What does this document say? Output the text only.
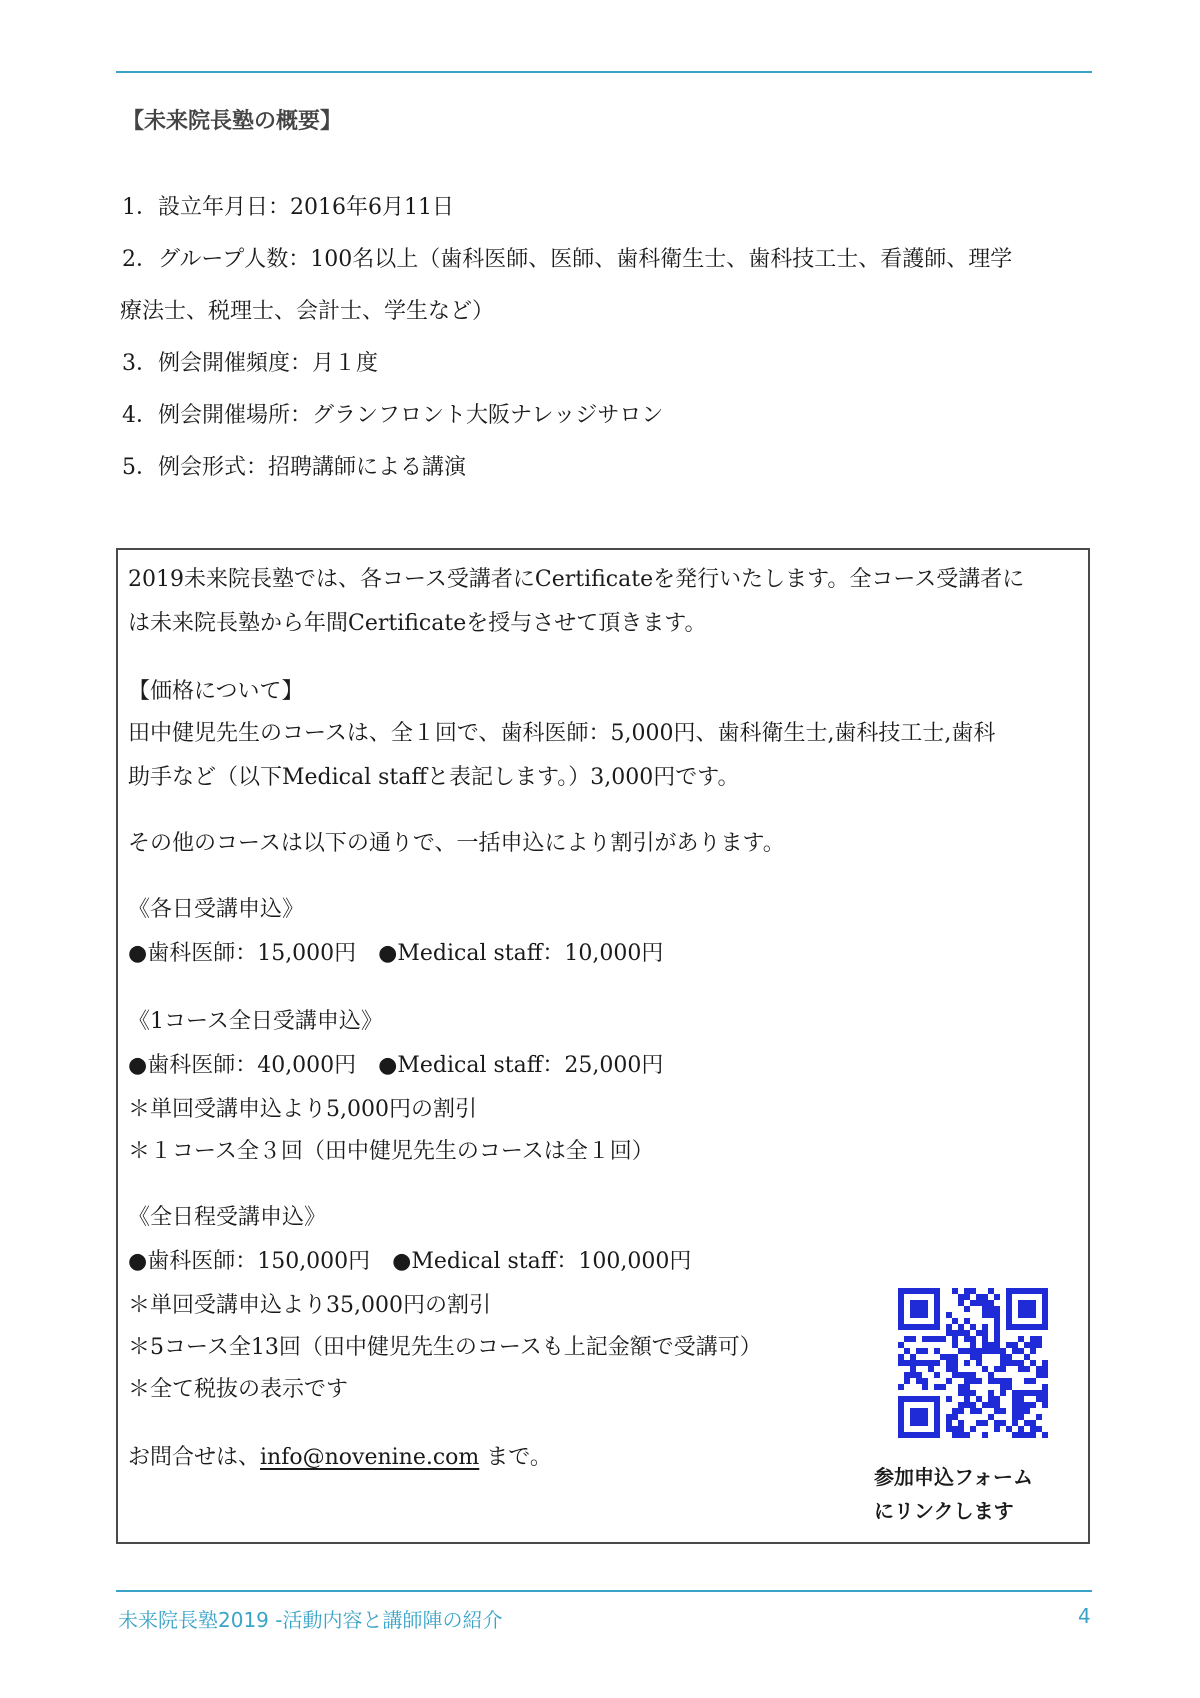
【未来院長塾の概要】
1．設立年月日：2016年6月11日
2．グループ人数：100名以上（歯科医師、医師、歯科衛生士、歯科技工士、看護師、理学
療法士、税理士、会計士、学生など）
3．例会開催頻度：月１度
4．例会開催場所：グランフロント大阪ナレッジサロン
5．例会形式：招聘講師による講演
2019未来院長塾では、各コース受講者にCertificateを発行いたします。全コース受講者に
は未来院長塾から年間Certificateを授与させて頂きます。
【価格について】
田中健児先生のコースは、全１回で、歯科医師：5,000円、歯科衛生士,歯科技工士,歯科
助手など（以下Medical staffと表記します。）3,000円です。
その他のコースは以下の通りで、一括申込により割引があります。
《各日受講申込》
●歯科医師：15,000円　●Medical staff：10,000円
《1コース全日受講申込》
●歯科医師：40,000円　●Medical staff：25,000円
＊単回受講申込より5,000円の割引
＊１コース全３回（田中健児先生のコースは全１回）
《全日程受講申込》
●歯科医師：150,000円　●Medical staff：100,000円
＊単回受講申込より35,000円の割引
＊5コース全13回（田中健児先生のコースも上記金額で受講可）
＊全て税抜の表示です
お問合せは、info@novenine.com まで。
参加申込フォーム
にリンクします
未来院長塾2019 -活動内容と講師陣の紹介	4
